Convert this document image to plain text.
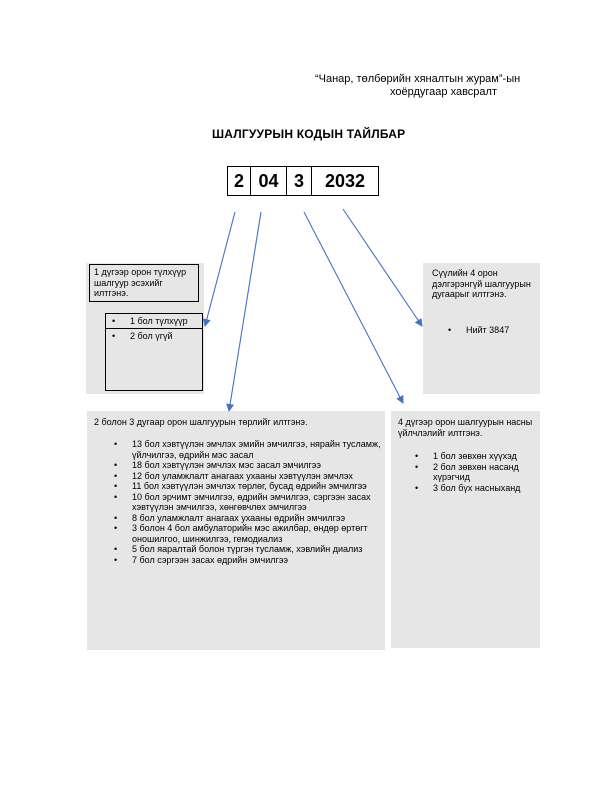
“Чанар, төлбөрийн хяналтын журам”-ын
хоёрдугаар хавсралт
ШАЛГУУРЫН КОДЫН ТАЙЛБАР
2 04 3	2032
1 дүгээр орон түлхүүр шалгуур эсэхийг илтгэнэ.
• 1 бол түлхүүр
• 2 бол үгүй
Сүүлийн 4 орон дэлгэрэнгүй шалгуурын дугаарыг илтгэнэ.
• Нийт 3847
2 болон 3 дугаар орон шалгуурын төрлийг илтгэнэ.
• 13 бол хэвтүүлэн эмчлэх эмийн эмчилгээ, нярайн тусламж, үйлчилгээ, өдрийн мэс засал
• 18 бол хэвтүүлэн эмчлэх мэс засал эмчилгээ
• 12 бол уламжлалт анагаах ухааны хэвтүүлэн эмчлэх
• 11 бол хэвтүүлэн эмчлэх төрлөг, бусад өдрийн эмчилгээ
• 10 бол эрчимт эмчилгээ, өдрийн эмчилгээ, сэргээн засах хэвтүүлэн эмчилгээ, хөнгөвчлөх эмчилгээ
• 8 бол уламжлалт анагаах ухааны өдрийн эмчилгээ
• 3 болон 4 бол амбулаторийн мэс ажилбар, өндөр өртөгт оношилгоо, шинжилгээ, гемодиализ
• 5 бол яаралтай болон түргэн тусламж, хэвлийн диализ
• 7 бол сэргээн засах өдрийн эмчилгээ
4 дүгээр орон шалгуурын насны үйлчлэлийг илтгэнэ.
• 1 бол зөвхөн хүүхэд
• 2 бол зөвхөн насанд хүрэгчид
• 3 бол бүх насныханд
